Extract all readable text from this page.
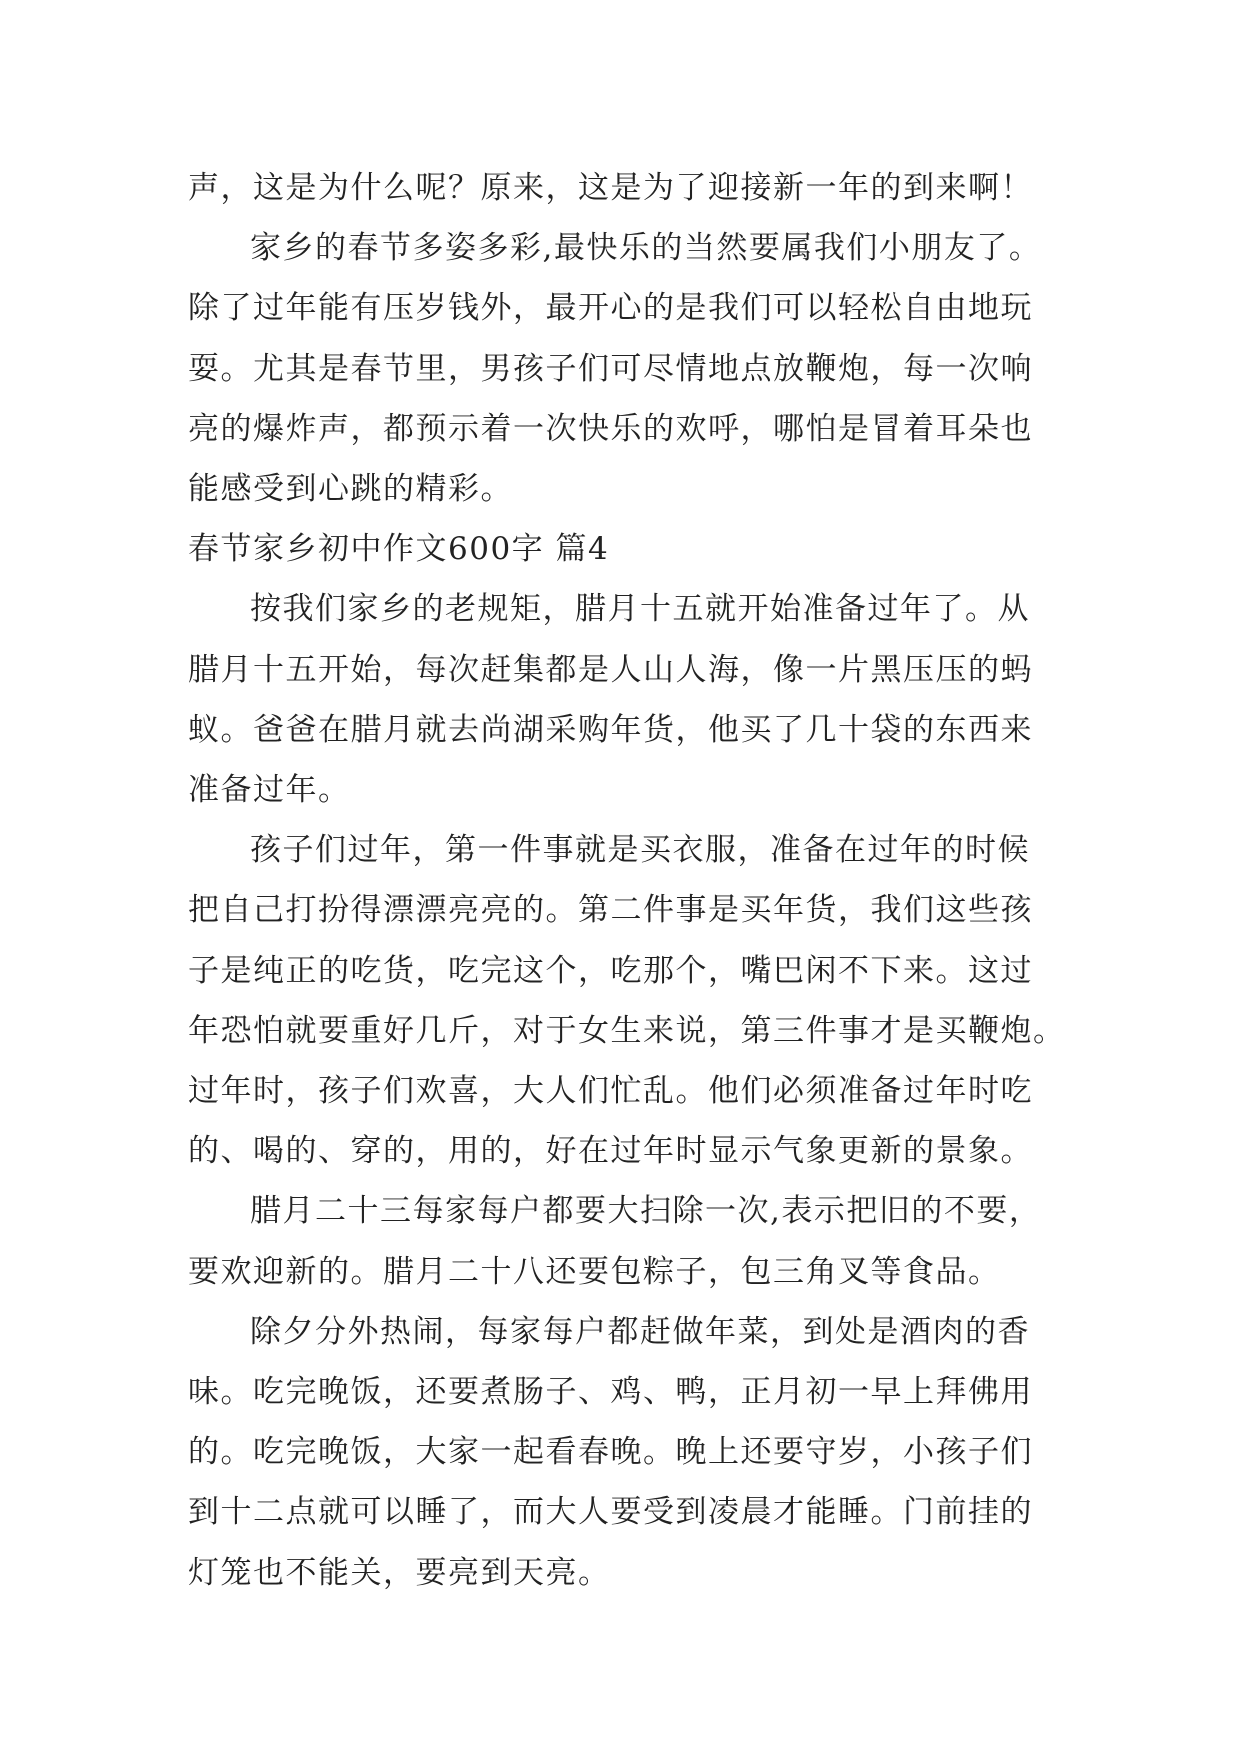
声，这是为什么呢？原来，这是为了迎接新一年的到来啊！

家乡的春节多姿多彩,最快乐的当然要属我们小朋友了。
除了过年能有压岁钱外，最开心的是我们可以轻松自由地玩
耍。尤其是春节里，男孩子们可尽情地点放鞭炮，每一次响
亮的爆炸声，都预示着一次快乐的欢呼，哪怕是冒着耳朵也
能感受到心跳的精彩。

春节家乡初中作文600字 篇4

按我们家乡的老规矩，腊月十五就开始准备过年了。从
腊月十五开始，每次赶集都是人山人海，像一片黑压压的蚂
蚁。爸爸在腊月就去尚湖采购年货，他买了几十袋的东西来
准备过年。

孩子们过年，第一件事就是买衣服，准备在过年的时候
把自己打扮得漂漂亮亮的。第二件事是买年货，我们这些孩
子是纯正的吃货，吃完这个，吃那个，嘴巴闲不下来。这过
年恐怕就要重好几斤，对于女生来说，第三件事才是买鞭炮。
过年时，孩子们欢喜，大人们忙乱。他们必须准备过年时吃
的、喝的、穿的，用的，好在过年时显示气象更新的景象。

腊月二十三每家每户都要大扫除一次,表示把旧的不要，
要欢迎新的。腊月二十八还要包粽子，包三角叉等食品。

除夕分外热闹，每家每户都赶做年菜，到处是酒肉的香
味。吃完晚饭，还要煮肠子、鸡、鸭，正月初一早上拜佛用
的。吃完晚饭，大家一起看春晚。晚上还要守岁，小孩子们
到十二点就可以睡了，而大人要受到凌晨才能睡。门前挂的
灯笼也不能关，要亮到天亮。
